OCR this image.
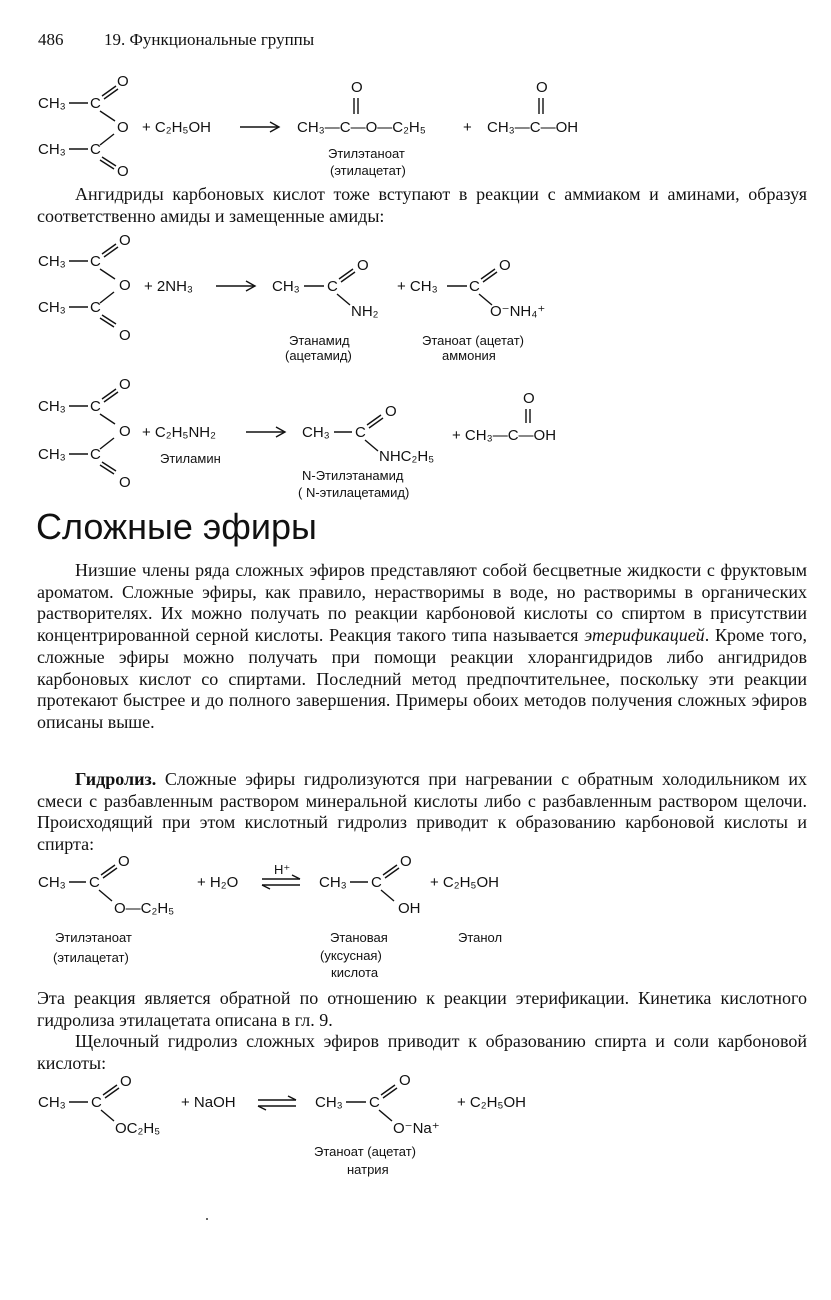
486 19. Функциональные группы
CH₃ C
O
O
CH₃ C
O
+ C₂H₅OH
O
CH₃—C—O—C₂H₅
Этилэтаноат
(этилацетат)
+
O
CH₃—C—OH
CH₃ C
O
O
CH₃ C
O
+ 2NH₃	CH₃ C
O
NH₂
Этанамид
(ацетамид)
+ CH₃ C
O
O⁻NH₄⁺
Этаноат (ацетат)
аммония
CH₃ C
O
O
CH₃ C
O
+ C₂H₅NH₂
Этиламин
CH₃ C
O
NHC₂H₅
N-Этилэтанамид
( N-этилацетамид)
O
+ CH₃—C—OH
CH₃ C
O
O—C₂H₅
Этилэтаноат
(этилацетат)
+ H₂O
H⁺
CH₃ C
O
OH
Этановая
(уксусная)
кислота
+ C₂H₅OH
Этанол
CH₃ C
O
OC₂H₅
+ NaOH	CH₃ C
O
O⁻Na⁺
Этаноат (ацетат)
натрия
+ C₂H₅OH

Ангидриды карбоновых кислот тоже вступают в реакции с аммиаком и аминами, образуя соответственно амиды и замещенные амиды:

Сложные эфиры

Низшие члены ряда сложных эфиров представляют собой бесцветные жидкости с фруктовым ароматом. Сложные эфиры, как правило, нерастворимы в воде, но растворимы в органических растворителях. Их можно получать по реакции карбоновой кислоты со спиртом в присутствии концентрированной серной кислоты. Реакция такого типа называется этерификацией. Кроме того, сложные эфиры можно получать при помощи реакции хлорангидридов либо ангидридов карбоновых кислот со спиртами. Последний метод предпочтительнее, поскольку эти реакции протекают быстрее и до полного завершения. Примеры обоих методов получения сложных эфиров описаны выше.

Гидролиз. Сложные эфиры гидролизуются при нагревании с обратным холодильником их смеси с разбавленным раствором минеральной кислоты либо с разбавленным раствором щелочи. Происходящий при этом кислотный гидролиз приводит к образованию карбоновой кислоты и спирта:

Эта реакция является обратной по отношению к реакции этерификации. Кинетика кислотного гидролиза этилацетата описана в гл. 9.

Щелочный гидролиз сложных эфиров приводит к образованию спирта и соли карбоновой кислоты:
